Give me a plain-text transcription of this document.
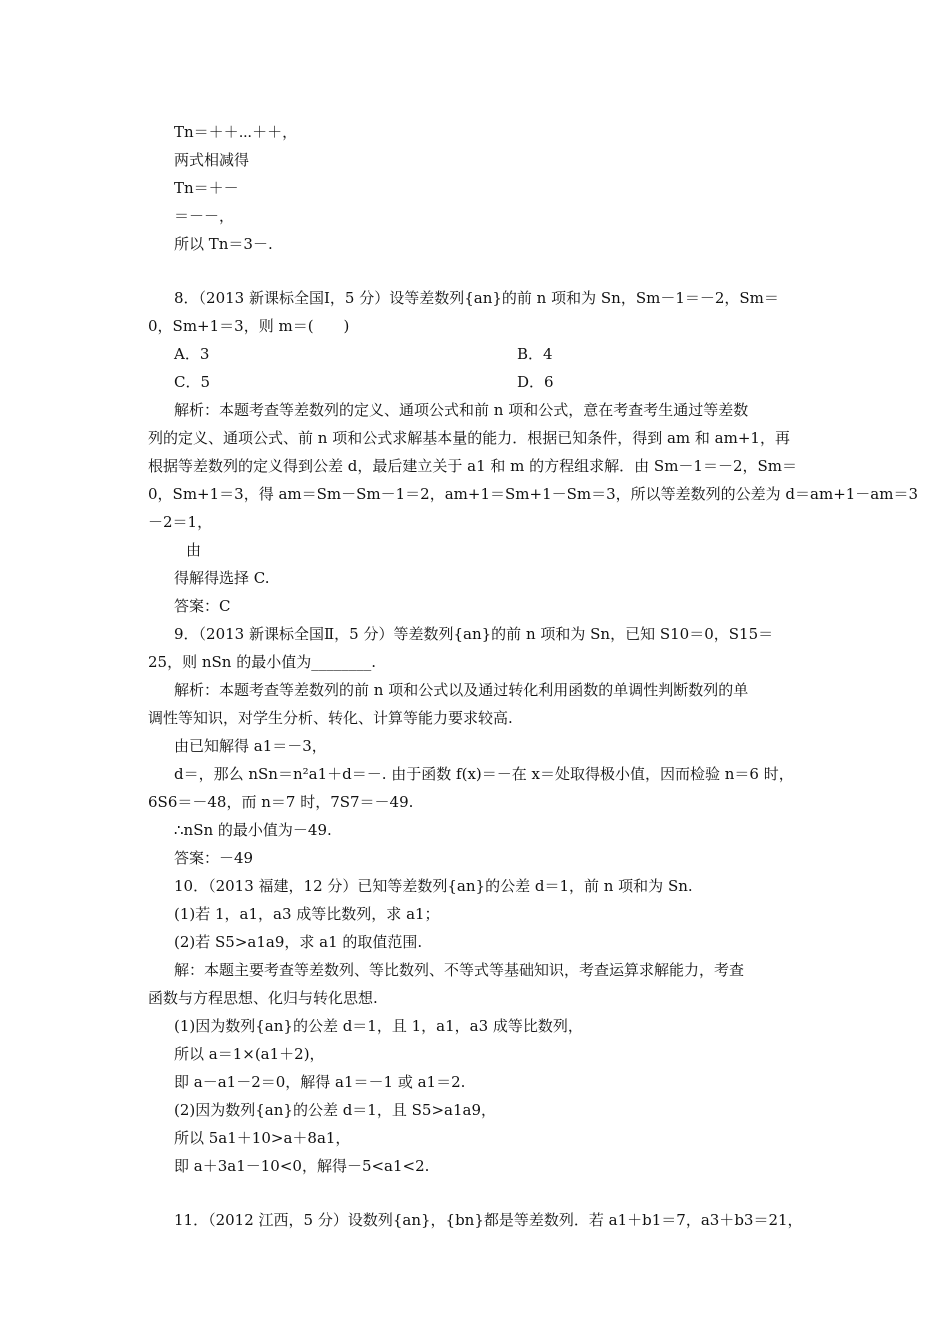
Tn＝＋＋⋯＋＋，
两式相减得
Tn＝＋－
＝－－，
所以 Tn＝3－.
8．（2013 新课标全国Ⅰ，5 分）设等差数列{an}的前 n 项和为 Sn，Sm－1＝－2，Sm＝
0，Sm+1＝3，则 m＝(　　)
A．3	B．4
C．5	D．6
解析：本题考查等差数列的定义、通项公式和前 n 项和公式，意在考查考生通过等差数
列的定义、通项公式、前 n 项和公式求解基本量的能力．根据已知条件，得到 am 和 am+1，再
根据等差数列的定义得到公差 d，最后建立关于 a1 和 m 的方程组求解．由 Sm－1＝－2，Sm＝
0，Sm+1＝3，得 am＝Sm－Sm－1＝2，am+1＝Sm+1－Sm＝3，所以等差数列的公差为 d＝am+1－am＝3
－2＝1，
由
得解得选择 C.
答案：C
9．（2013 新课标全国Ⅱ，5 分）等差数列{an}的前 n 项和为 Sn，已知 S10＝0，S15＝
25，则 nSn 的最小值为________.
解析：本题考查等差数列的前 n 项和公式以及通过转化利用函数的单调性判断数列的单
调性等知识，对学生分析、转化、计算等能力要求较高.
由已知解得 a1＝－3，
d＝，那么 nSn＝n²a1＋d＝－. 由于函数 f(x)＝－在 x＝处取得极小值，因而检验 n＝6 时，
6S6＝－48，而 n＝7 时，7S7＝－49.
∴nSn 的最小值为－49.
答案：－49
10．（2013 福建，12 分）已知等差数列{an}的公差 d＝1，前 n 项和为 Sn.
(1)若 1，a1，a3 成等比数列，求 a1；
(2)若 S5>a1a9，求 a1 的取值范围.
解：本题主要考查等差数列、等比数列、不等式等基础知识，考查运算求解能力，考查
函数与方程思想、化归与转化思想.
(1)因为数列{an}的公差 d＝1，且 1，a1，a3 成等比数列，
所以 a＝1×(a1＋2)，
即 a－a1－2＝0，解得 a1＝－1 或 a1＝2.
(2)因为数列{an}的公差 d＝1，且 S5>a1a9，
所以 5a1＋10>a＋8a1，
即 a＋3a1－10<0，解得－5<a1<2.
11．（2012 江西，5 分）设数列{an}，{bn}都是等差数列．若 a1＋b1＝7，a3＋b3＝21，
